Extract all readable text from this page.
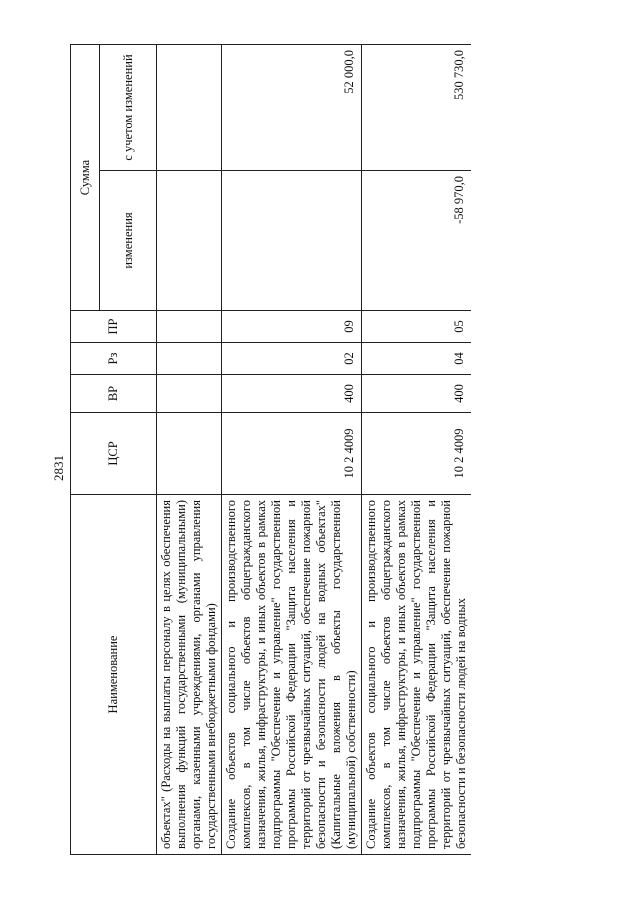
2831
Наименование	ЦСР	ВР	Рз	ПР	Сумма	
					изменения	с учетом изменений
объектах" (Расходы на выплаты персоналу в целях обеспечения выполнения функций государственными (муниципальными) органами, казенными учреждениями, органами управления государственными внебюджетными фондами)						
Создание объектов социального и производственного комплексов, в том числе объектов общегражданского назначения, жилья, инфраструктуры, и иных объектов в рамках подпрограммы "Обеспечение и управление" государственной программы Российской Федерации "Защита населения и территорий от чрезвычайных ситуаций, обеспечение пожарной безопасности и безопасности людей на водных объектах" (Капитальные вложения в объекты государственной (муниципальной) собственности)	10 2 4009	400	02	09		52 000,0
Создание объектов социального и производственного комплексов, в том числе объектов общегражданского назначения, жилья, инфраструктуры, и иных объектов в рамках подпрограммы "Обеспечение и управление" государственной программы Российской Федерации "Защита населения и территорий от чрезвычайных ситуаций, обеспечение пожарной безопасности и безопасности людей на водных	10 2 4009	400	04	05	-58 970,0	530 730,0
